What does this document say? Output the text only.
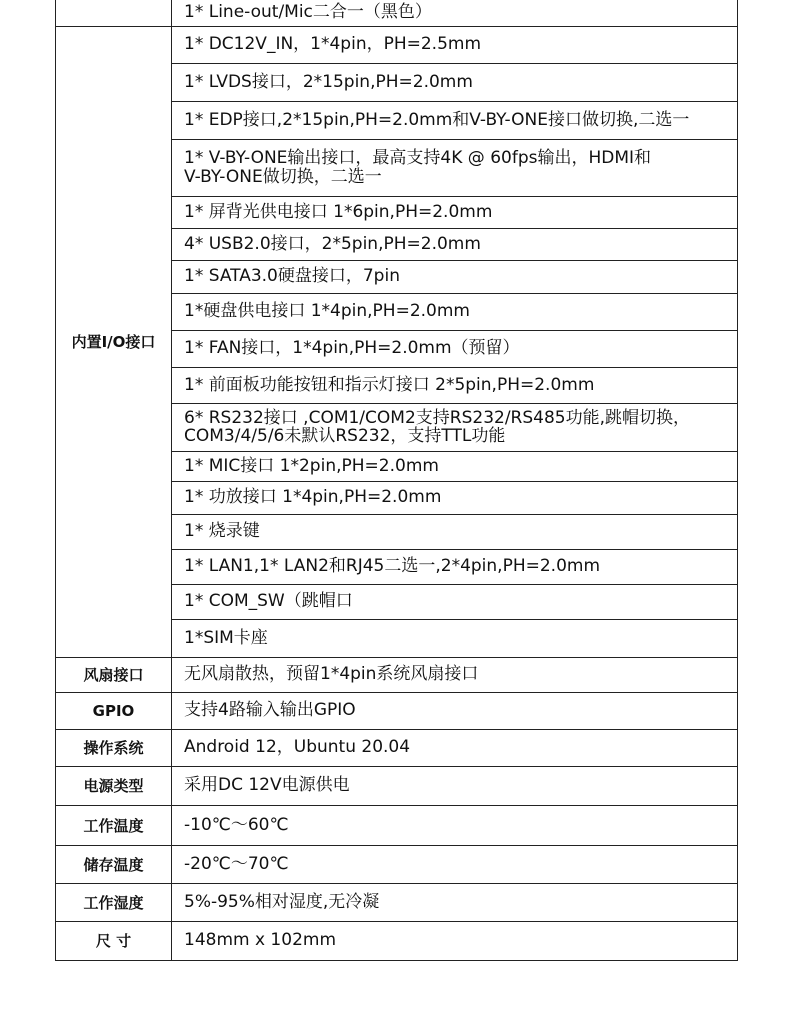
	1* Line-out/Mic二合一（黑色）
内置I/O接口	1* DC12V_IN，1*4pin，PH=2.5mm

	1* LVDS接口，2*15pin,PH=2.0mm

	1* EDP接口,2*15pin,PH=2.0mm和V-BY-ONE接口做切换,二选一

	1* V-BY-ONE输出接口，最高支持4K @ 60fps输出，HDMI和
V-BY-ONE做切换，二选一

	1* 屏背光供电接口 1*6pin,PH=2.0mm

	4* USB2.0接口，2*5pin,PH=2.0mm

	1* SATA3.0硬盘接口，7pin

	1*硬盘供电接口 1*4pin,PH=2.0mm

	1* FAN接口，1*4pin,PH=2.0mm（预留）

	1* 前面板功能按钮和指示灯接口 2*5pin,PH=2.0mm

	6* RS232接口 ,COM1/COM2支持RS232/RS485功能,跳帽切换，
COM3/4/5/6未默认RS232，支持TTL功能

	1* MIC接口 1*2pin,PH=2.0mm

	1* 功放接口 1*4pin,PH=2.0mm

	1* 烧录键

	1* LAN1,1* LAN2和RJ45二选一,2*4pin,PH=2.0mm

	1* COM_SW（跳帽口

	1*SIM卡座

风扇接口	无风扇散热，预留1*4pin系统风扇接口
GPIO	支持4路输入输出GPIO
操作系统	Android 12，Ubuntu 20.04
电源类型	采用DC 12V电源供电
工作温度	-10℃～60℃
储存温度	-20℃～70℃
工作湿度	5%-95%相对湿度,无冷凝
尺 寸	148mm x 102mm
